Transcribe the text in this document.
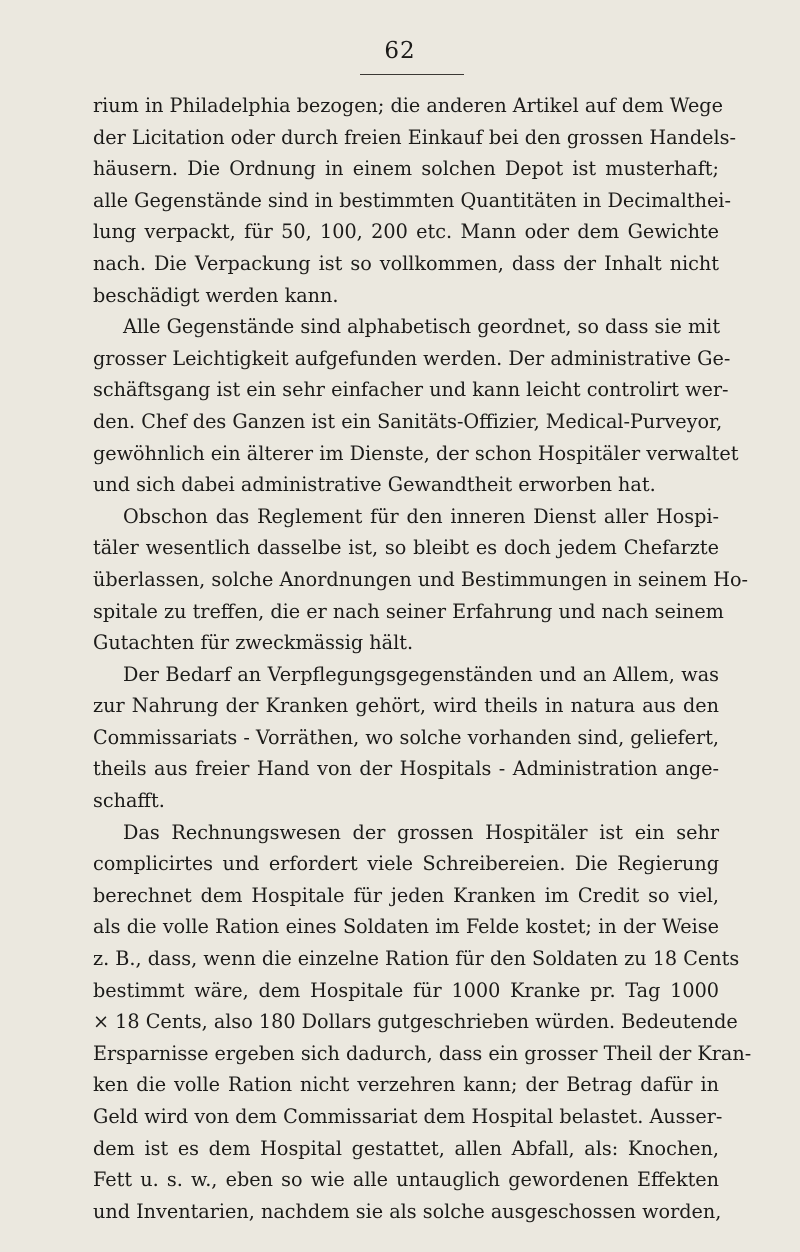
62
rium in Philadelphia bezogen; die anderen Artikel auf dem Wege
der Licitation oder durch freien Einkauf bei den grossen Handels-
häusern. Die Ordnung in einem solchen Depot ist musterhaft;
alle Gegenstände sind in bestimmten Quantitäten in Decimalthei-
lung verpackt, für 50, 100, 200 etc. Mann oder dem Gewichte
nach. Die Verpackung ist so vollkommen, dass der Inhalt nicht
beschädigt werden kann.
Alle Gegenstände sind alphabetisch geordnet, so dass sie mit
grosser Leichtigkeit aufgefunden werden. Der administrative Ge-
schäftsgang ist ein sehr einfacher und kann leicht controlirt wer-
den. Chef des Ganzen ist ein Sanitäts-Offizier, Medical-Purveyor,
gewöhnlich ein älterer im Dienste, der schon Hospitäler verwaltet
und sich dabei administrative Gewandtheit erworben hat.
Obschon das Reglement für den inneren Dienst aller Hospi-
täler wesentlich dasselbe ist, so bleibt es doch jedem Chefarzte
überlassen, solche Anordnungen und Bestimmungen in seinem Ho-
spitale zu treffen, die er nach seiner Erfahrung und nach seinem
Gutachten für zweckmässig hält.
Der Bedarf an Verpflegungsgegenständen und an Allem, was
zur Nahrung der Kranken gehört, wird theils in natura aus den
Commissariats - Vorräthen, wo solche vorhanden sind, geliefert,
theils aus freier Hand von der Hospitals - Administration ange-
schafft.
Das Rechnungswesen der grossen Hospitäler ist ein sehr
complicirtes und erfordert viele Schreibereien. Die Regierung
berechnet dem Hospitale für jeden Kranken im Credit so viel,
als die volle Ration eines Soldaten im Felde kostet; in der Weise
z. B., dass, wenn die einzelne Ration für den Soldaten zu 18 Cents
bestimmt wäre, dem Hospitale für 1000 Kranke pr. Tag 1000
× 18 Cents, also 180 Dollars gutgeschrieben würden. Bedeutende
Ersparnisse ergeben sich dadurch, dass ein grosser Theil der Kran-
ken die volle Ration nicht verzehren kann; der Betrag dafür in
Geld wird von dem Commissariat dem Hospital belastet. Ausser-
dem ist es dem Hospital gestattet, allen Abfall, als: Knochen,
Fett u. s. w., eben so wie alle untauglich gewordenen Effekten
und Inventarien, nachdem sie als solche ausgeschossen worden,
